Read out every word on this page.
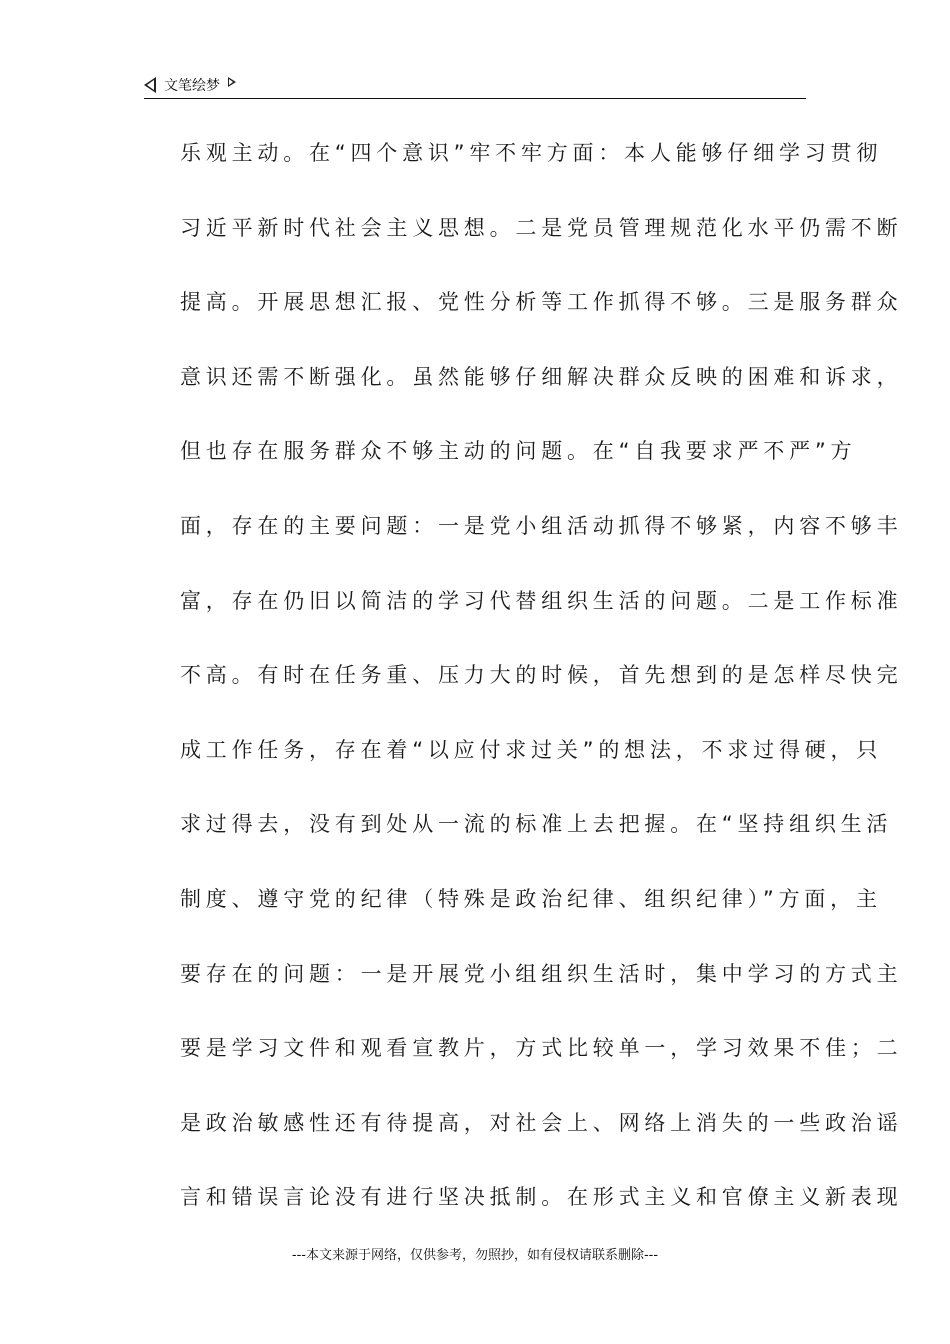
文笔绘梦
乐观主动。在“四个意识”牢不牢方面：本人能够仔细学习贯彻
习近平新时代社会主义思想。二是党员管理规范化水平仍需不断
提高。开展思想汇报、党性分析等工作抓得不够。三是服务群众
意识还需不断强化。虽然能够仔细解决群众反映的困难和诉求，
但也存在服务群众不够主动的问题。在“自我要求严不严”方
面，存在的主要问题：一是党小组活动抓得不够紧，内容不够丰
富，存在仍旧以简洁的学习代替组织生活的问题。二是工作标准
不高。有时在任务重、压力大的时候，首先想到的是怎样尽快完
成工作任务，存在着“以应付求过关”的想法，不求过得硬，只
求过得去，没有到处从一流的标准上去把握。在“坚持组织生活
制度、遵守党的纪律（特殊是政治纪律、组织纪律）”方面，主
要存在的问题：一是开展党小组组织生活时，集中学习的方式主
要是学习文件和观看宣教片，方式比较单一，学习效果不佳；二
是政治敏感性还有待提高，对社会上、网络上消失的一些政治谣
言和错误言论没有进行坚决抵制。在形式主义和官僚主义新表现
---本文来源于网络，仅供参考，勿照抄，如有侵权请联系删除---
